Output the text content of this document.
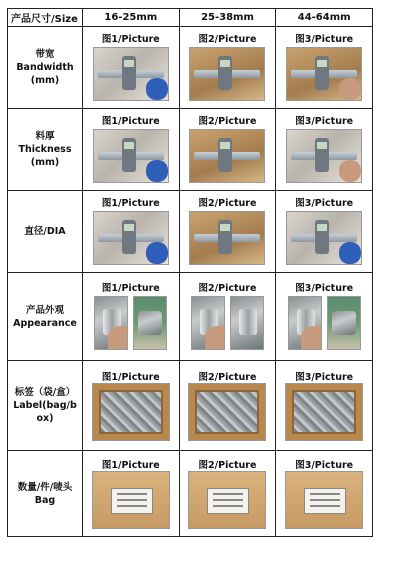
产品尺寸/Size	16-25mm	25-38mm	44-64mm

带宽
Bandwidth
(mm)	图1/Picture	图2/Picture	图3/Picture

料厚
Thickness
(mm)	图1/Picture	图2/Picture	图3/Picture

直径/DIA	图1/Picture	图2/Picture	图3/Picture

产品外观
Appearance	图1/Picture	图2/Picture	图3/Picture

标签（袋/盒）
Label(bag/b
ox)	图1/Picture	图2/Picture	图3/Picture

数量/件/唛头
Bag	图1/Picture	图2/Picture	图3/Picture
